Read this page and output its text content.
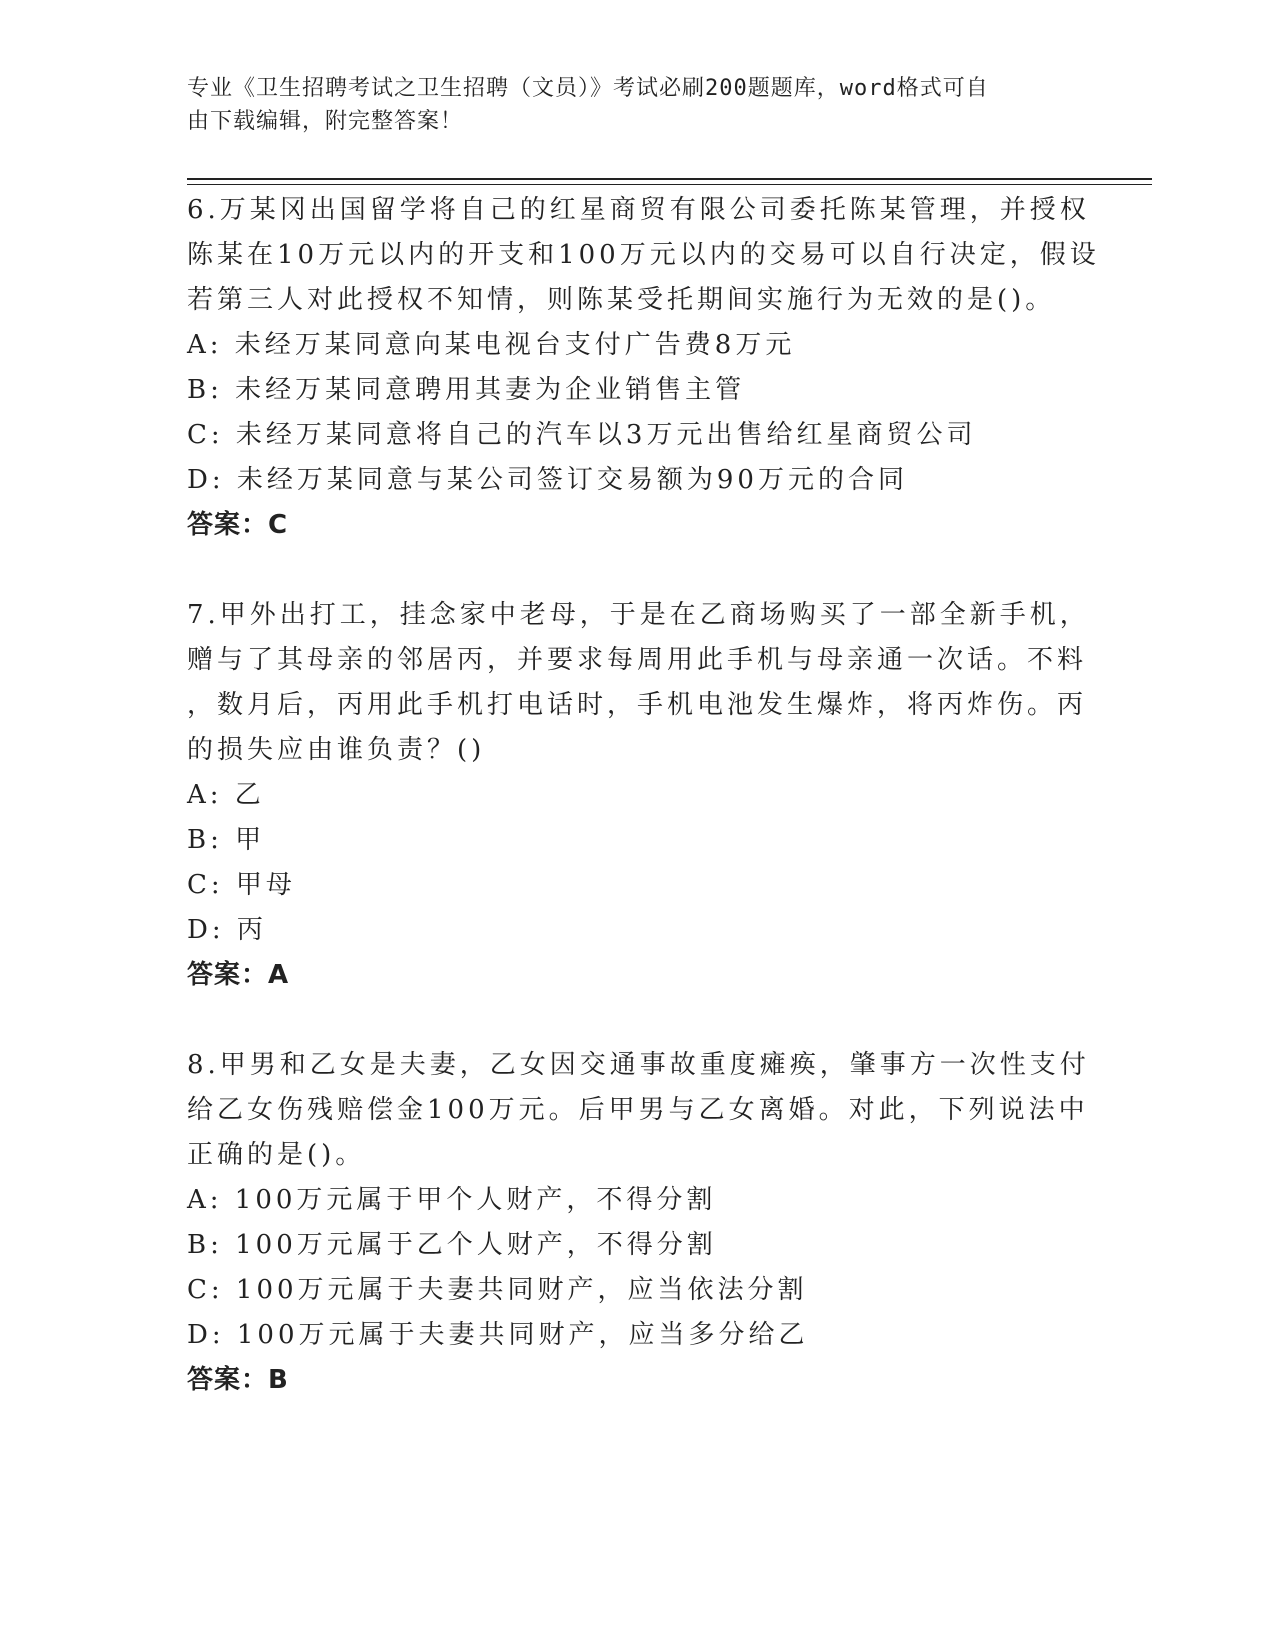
专业《卫生招聘考试之卫生招聘（文员）》考试必刷200题题库，word格式可自
由下载编辑，附完整答案！
6.万某冈出国留学将自己的红星商贸有限公司委托陈某管理，并授权
陈某在10万元以内的开支和100万元以内的交易可以自行决定，假设
若第三人对此授权不知情，则陈某受托期间实施行为无效的是()。
A: 未经万某同意向某电视台支付广告费8万元
B: 未经万某同意聘用其妻为企业销售主管
C: 未经万某同意将自己的汽车以3万元出售给红星商贸公司
D: 未经万某同意与某公司签订交易额为90万元的合同
答案：C
7.甲外出打工，挂念家中老母，于是在乙商场购买了一部全新手机，
赠与了其母亲的邻居丙，并要求每周用此手机与母亲通一次话。不料
，数月后，丙用此手机打电话时，手机电池发生爆炸，将丙炸伤。丙
的损失应由谁负责？()
A: 乙
B: 甲
C: 甲母
D: 丙
答案：A
8.甲男和乙女是夫妻，乙女因交通事故重度瘫痪，肇事方一次性支付
给乙女伤残赔偿金100万元。后甲男与乙女离婚。对此，下列说法中
正确的是()。
A: 100万元属于甲个人财产，不得分割
B: 100万元属于乙个人财产，不得分割
C: 100万元属于夫妻共同财产，应当依法分割
D: 100万元属于夫妻共同财产，应当多分给乙
答案：B
